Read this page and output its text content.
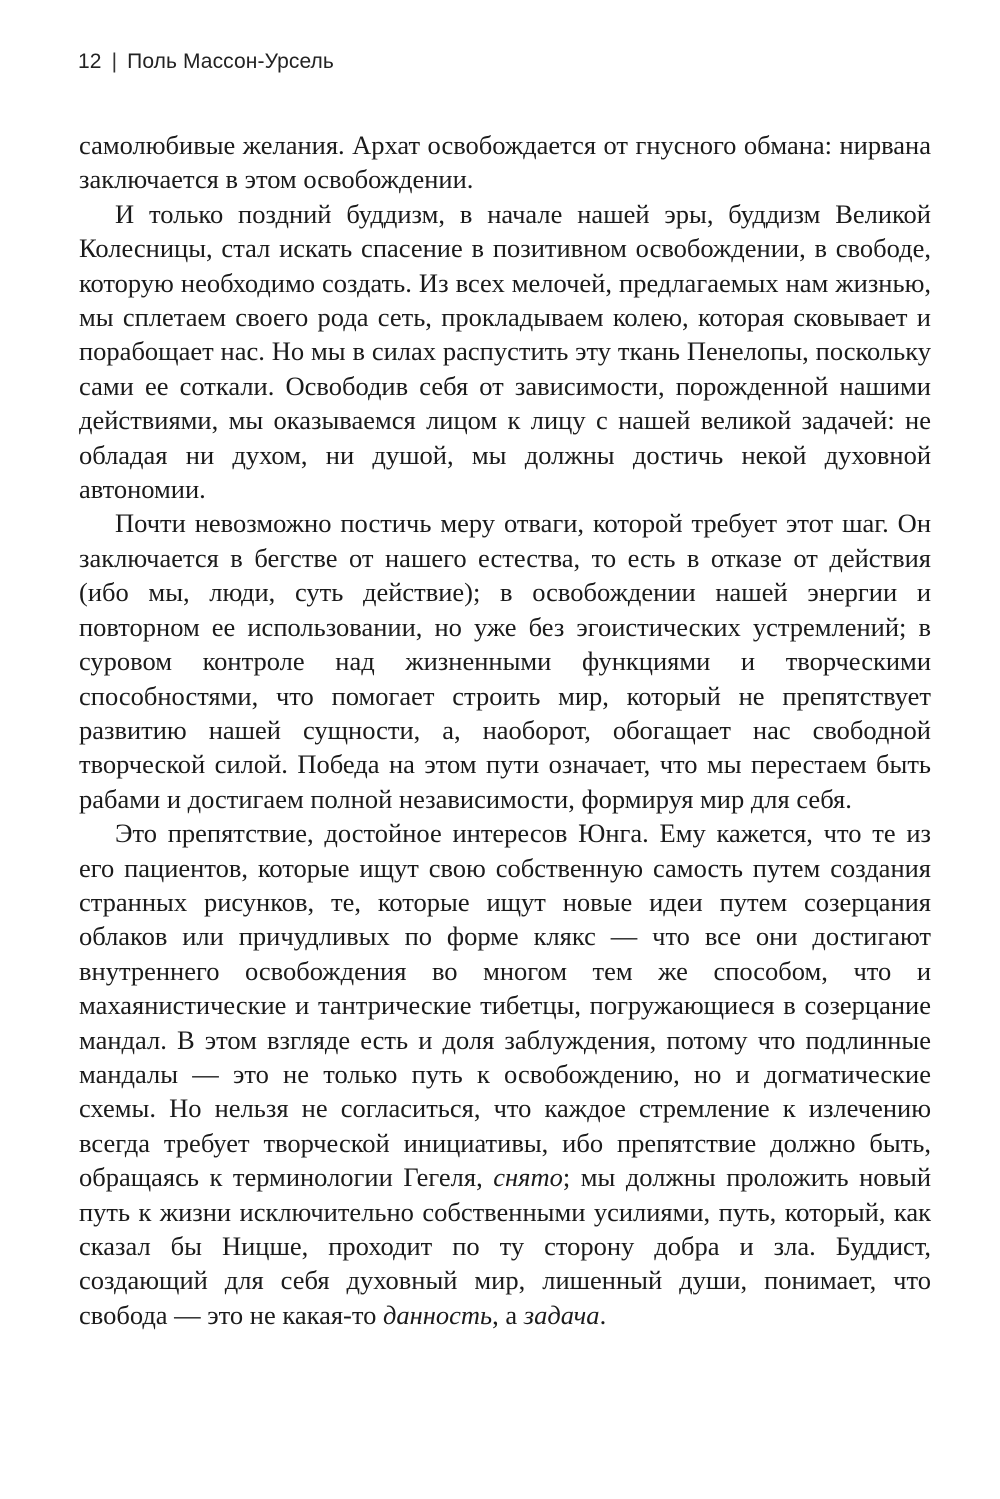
12 | Поль Массон-Урсель

самолюбивые желания. Архат освобождается от гнусного обмана: нирвана заключается в этом освобождении.

И только поздний буддизм, в начале нашей эры, буддизм Великой Колесницы, стал искать спасение в позитивном освобождении, в свободе, которую необходимо создать. Из всех мелочей, предлагаемых нам жизнью, мы сплетаем своего рода сеть, прокладываем колею, которая сковывает и порабощает нас. Но мы в силах распустить эту ткань Пенелопы, поскольку сами ее соткали. Освободив себя от зависимости, порожденной нашими действиями, мы оказываемся лицом к лицу с нашей великой задачей: не обладая ни духом, ни душой, мы должны достичь некой духовной автономии.

Почти невозможно постичь меру отваги, которой требует этот шаг. Он заключается в бегстве от нашего естества, то есть в отказе от действия (ибо мы, люди, суть действие); в освобождении нашей энергии и повторном ее использовании, но уже без эгоистических устремлений; в суровом контроле над жизненными функциями и творческими способностями, что помогает строить мир, который не препятствует развитию нашей сущности, а, наоборот, обогащает нас свободной творческой силой. Победа на этом пути означает, что мы перестаем быть рабами и достигаем полной независимости, формируя мир для себя.

Это препятствие, достойное интересов Юнга. Ему кажется, что те из его пациентов, которые ищут свою собственную самость путем создания странных рисунков, те, которые ищут новые идеи путем созерцания облаков или причудливых по форме клякс — что все они достигают внутреннего освобождения во многом тем же способом, что и махаянистические и тантрические тибетцы, погружающиеся в созерцание мандал. В этом взгляде есть и доля заблуждения, потому что подлинные мандалы — это не только путь к освобождению, но и догматические схемы. Но нельзя не согласиться, что каждое стремление к излечению всегда требует творческой инициативы, ибо препятствие должно быть, обращаясь к терминологии Гегеля, снято; мы должны проложить новый путь к жизни исключительно собственными усилиями, путь, который, как сказал бы Ницше, проходит по ту сторону добра и зла. Буддист, создающий для себя духовный мир, лишенный души, понимает, что свобода — это не какая-то данность, а задача.
